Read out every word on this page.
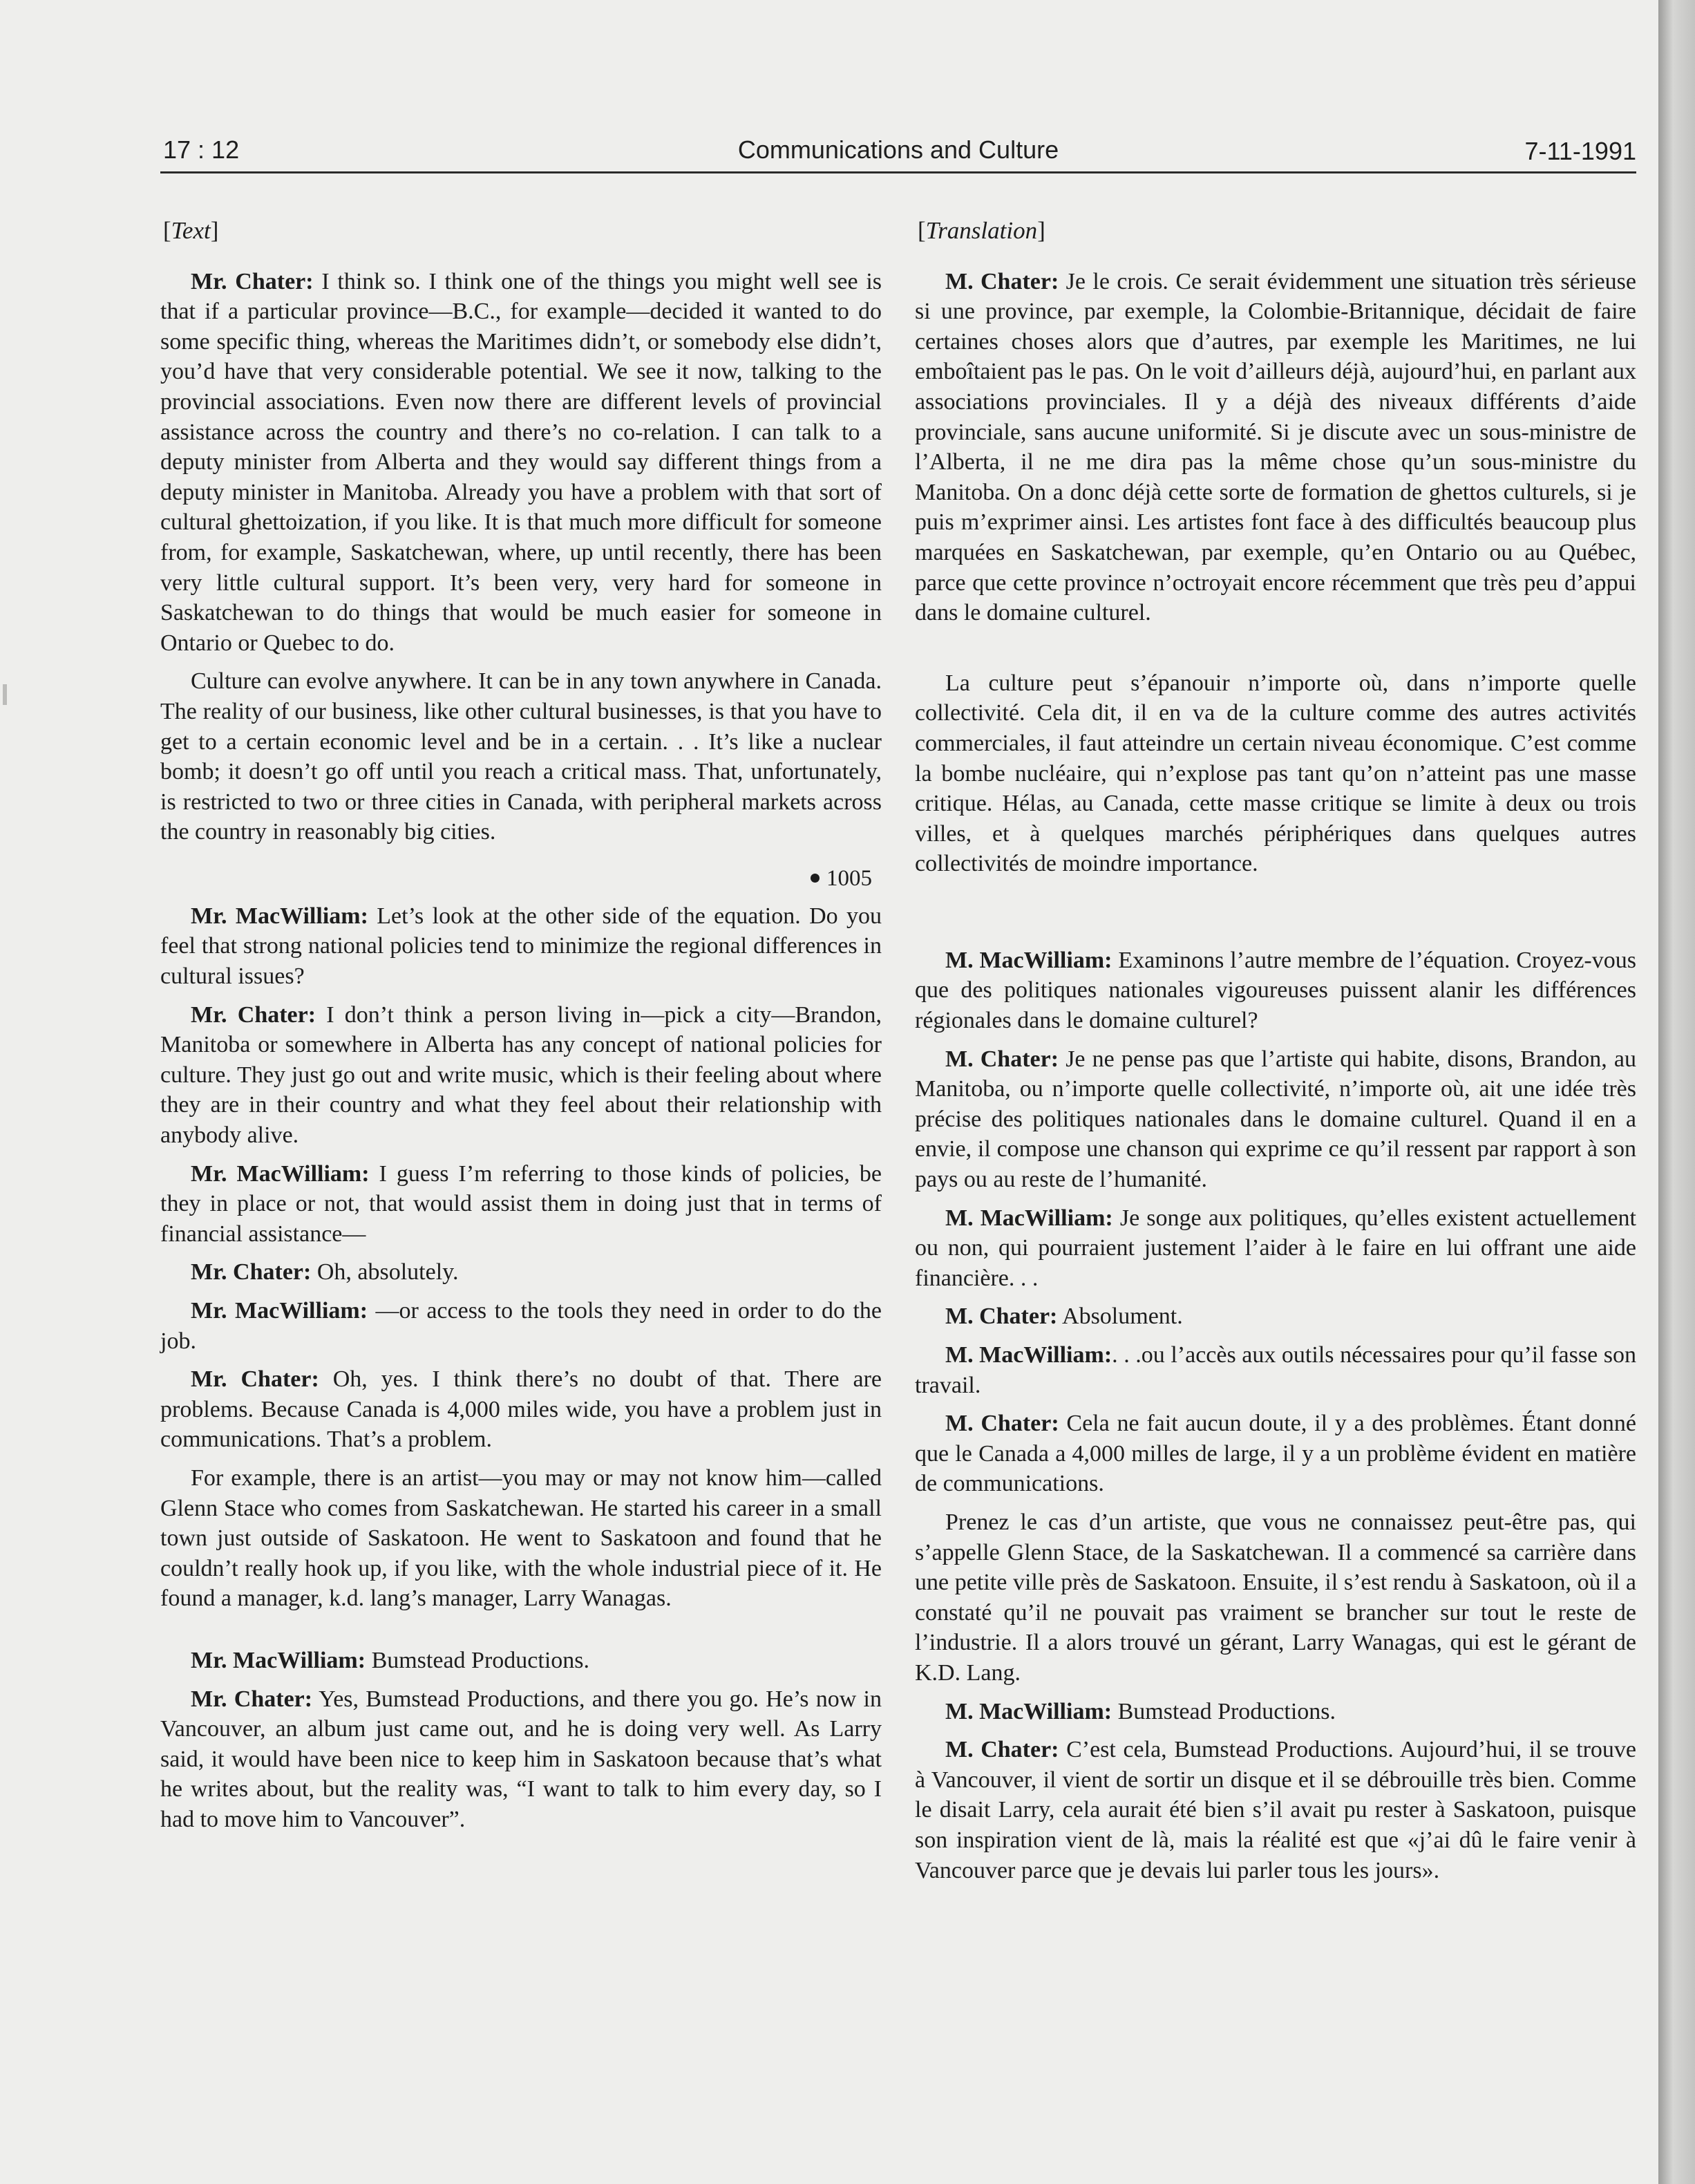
17 : 12	Communications and Culture	7-11-1991
[Text]

Mr. Chater: I think so. I think one of the things you might well see is that if a particular province—B.C., for example—decided it wanted to do some specific thing, whereas the Maritimes didn’t, or somebody else didn’t, you’d have that very considerable potential. We see it now, talking to the provincial associations. Even now there are different levels of provincial assistance across the country and there’s no co-relation. I can talk to a deputy minister from Alberta and they would say different things from a deputy minister in Manitoba. Already you have a problem with that sort of cultural ghettoization, if you like. It is that much more difficult for someone from, for example, Saskatchewan, where, up until recently, there has been very little cultural support. It’s been very, very hard for someone in Saskatchewan to do things that would be much easier for someone in Ontario or Quebec to do.

Culture can evolve anywhere. It can be in any town anywhere in Canada. The reality of our business, like other cultural businesses, is that you have to get to a certain economic level and be in a certain. . . It’s like a nuclear bomb; it doesn’t go off until you reach a critical mass. That, unfortunately, is restricted to two or three cities in Canada, with peripheral markets across the country in reasonably big cities.

1005

Mr. MacWilliam: Let’s look at the other side of the equation. Do you feel that strong national policies tend to minimize the regional differences in cultural issues?

Mr. Chater: I don’t think a person living in—pick a city—Brandon, Manitoba or somewhere in Alberta has any concept of national policies for culture. They just go out and write music, which is their feeling about where they are in their country and what they feel about their relationship with anybody alive.

Mr. MacWilliam: I guess I’m referring to those kinds of policies, be they in place or not, that would assist them in doing just that in terms of financial assistance—

Mr. Chater: Oh, absolutely.

Mr. MacWilliam: —or access to the tools they need in order to do the job.

Mr. Chater: Oh, yes. I think there’s no doubt of that. There are problems. Because Canada is 4,000 miles wide, you have a problem just in communications. That’s a problem.

For example, there is an artist—you may or may not know him—called Glenn Stace who comes from Saskatchewan. He started his career in a small town just outside of Saskatoon. He went to Saskatoon and found that he couldn’t really hook up, if you like, with the whole industrial piece of it. He found a manager, k.d. lang’s manager, Larry Wanagas.

Mr. MacWilliam: Bumstead Productions.

Mr. Chater: Yes, Bumstead Productions, and there you go. He’s now in Vancouver, an album just came out, and he is doing very well. As Larry said, it would have been nice to keep him in Saskatoon because that’s what he writes about, but the reality was, “I want to talk to him every day, so I had to move him to Vancouver”.

[Translation]

M. Chater: Je le crois. Ce serait évidemment une situation très sérieuse si une province, par exemple, la Colombie-Britannique, décidait de faire certaines choses alors que d’autres, par exemple les Maritimes, ne lui emboîtaient pas le pas. On le voit d’ailleurs déjà, aujourd’hui, en parlant aux associations provinciales. Il y a déjà des niveaux différents d’aide provinciale, sans aucune uniformité. Si je discute avec un sous-ministre de l’Alberta, il ne me dira pas la même chose qu’un sous-ministre du Manitoba. On a donc déjà cette sorte de formation de ghettos culturels, si je puis m’exprimer ainsi. Les artistes font face à des difficultés beaucoup plus marquées en Saskatchewan, par exemple, qu’en Ontario ou au Québec, parce que cette province n’octroyait encore récemment que très peu d’appui dans le domaine culturel.

La culture peut s’épanouir n’importe où, dans n’importe quelle collectivité. Cela dit, il en va de la culture comme des autres activités commerciales, il faut atteindre un certain niveau économique. C’est comme la bombe nucléaire, qui n’explose pas tant qu’on n’atteint pas une masse critique. Hélas, au Canada, cette masse critique se limite à deux ou trois villes, et à quelques marchés périphériques dans quelques autres collectivités de moindre importance.

M. MacWilliam: Examinons l’autre membre de l’équation. Croyez-vous que des politiques nationales vigoureuses puissent alanir les différences régionales dans le domaine culturel?

M. Chater: Je ne pense pas que l’artiste qui habite, disons, Brandon, au Manitoba, ou n’importe quelle collectivité, n’importe où, ait une idée très précise des politiques nationales dans le domaine culturel. Quand il en a envie, il compose une chanson qui exprime ce qu’il ressent par rapport à son pays ou au reste de l’humanité.

M. MacWilliam: Je songe aux politiques, qu’elles existent actuellement ou non, qui pourraient justement l’aider à le faire en lui offrant une aide financière. . .

M. Chater: Absolument.

M. MacWilliam:. . .ou l’accès aux outils nécessaires pour qu’il fasse son travail.

M. Chater: Cela ne fait aucun doute, il y a des problèmes. Étant donné que le Canada a 4,000 milles de large, il y a un problème évident en matière de communications.

Prenez le cas d’un artiste, que vous ne connaissez peut-être pas, qui s’appelle Glenn Stace, de la Saskatchewan. Il a commencé sa carrière dans une petite ville près de Saskatoon. Ensuite, il s’est rendu à Saskatoon, où il a constaté qu’il ne pouvait pas vraiment se brancher sur tout le reste de l’industrie. Il a alors trouvé un gérant, Larry Wanagas, qui est le gérant de K.D. Lang.

M. MacWilliam: Bumstead Productions.

M. Chater: C’est cela, Bumstead Productions. Aujourd’hui, il se trouve à Vancouver, il vient de sortir un disque et il se débrouille très bien. Comme le disait Larry, cela aurait été bien s’il avait pu rester à Saskatoon, puisque son inspiration vient de là, mais la réalité est que «j’ai dû le faire venir à Vancouver parce que je devais lui parler tous les jours».
